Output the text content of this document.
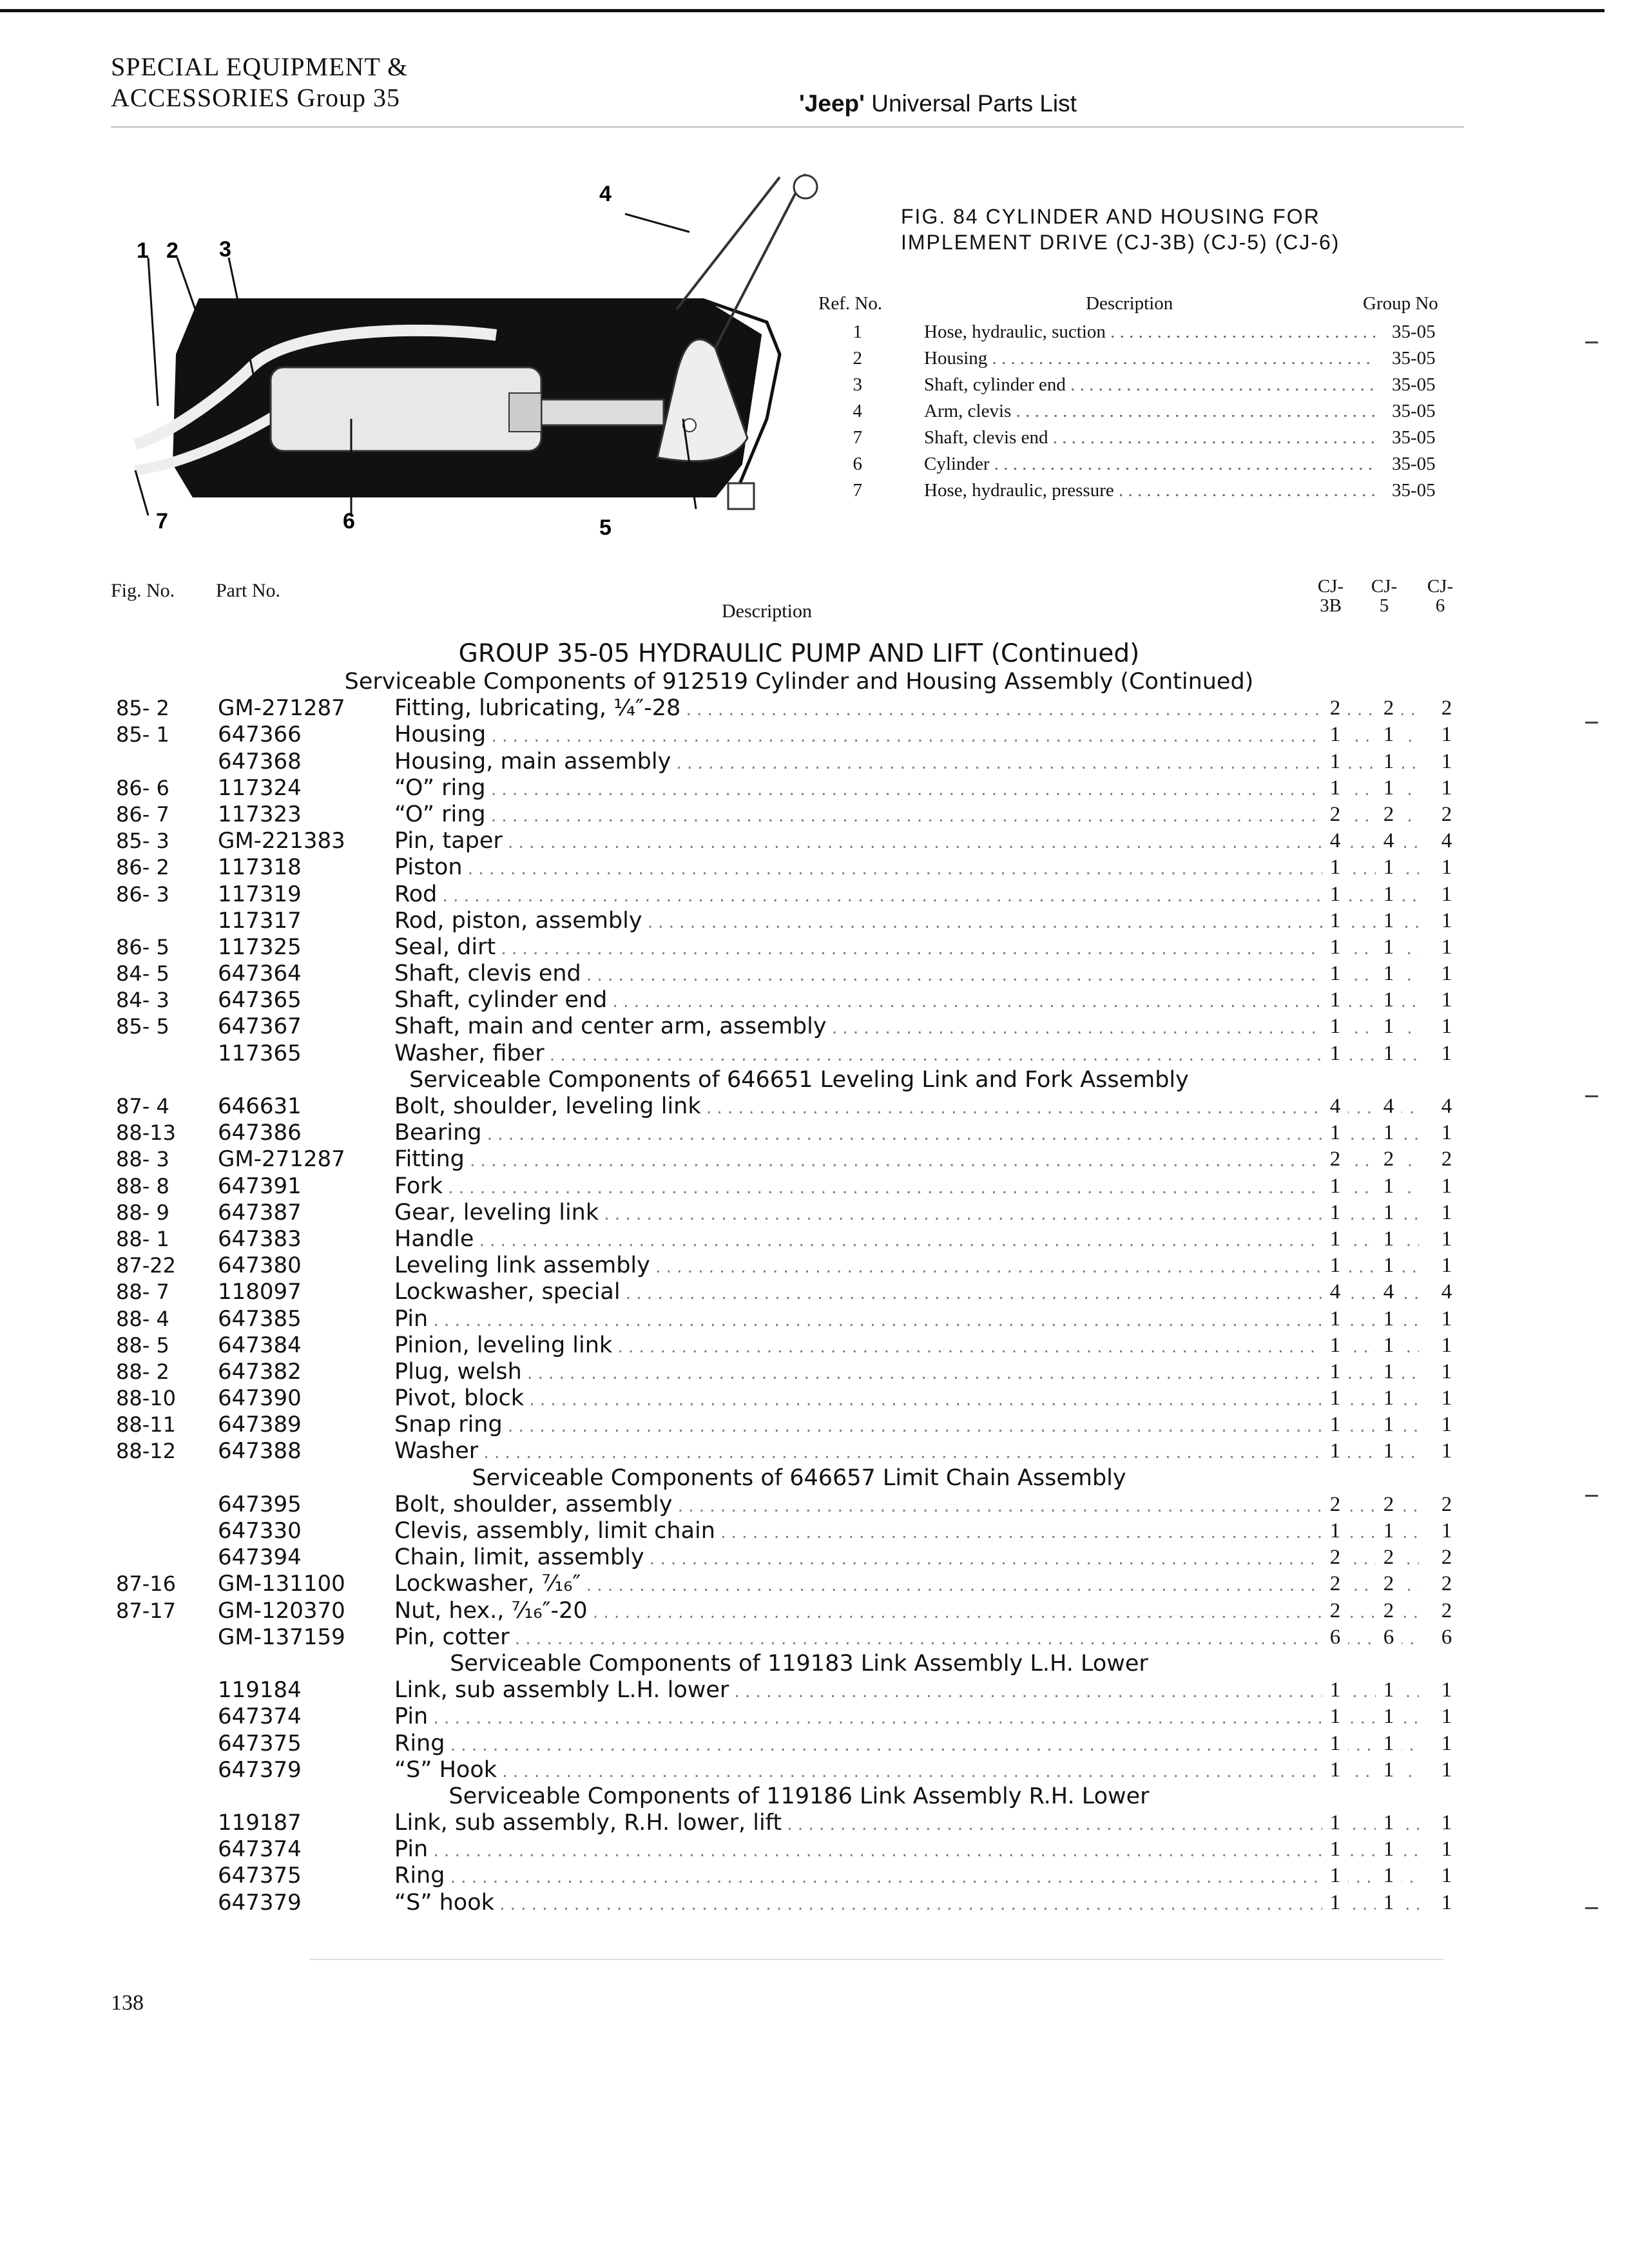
SPECIAL EQUIPMENT &
ACCESSORIES Group 35	'Jeep' Universal Parts List
1 2 3
4
5
6
7
FIG. 84 CYLINDER AND HOUSING FOR
IMPLEMENT DRIVE (CJ-3B) (CJ-5) (CJ-6)
Ref. No.	Description	Group No
1	Hose, hydraulic, suction . . .	35-05
2	Housing . . .	35-05
3	Shaft, cylinder end . . .	35-05
4	Arm, clevis . . .	35-05
7	Shaft, clevis end . . .	35-05
6	Cylinder . . .	35-05
7	Hose, hydraulic, pressure . . .	35-05
Fig. No. Part No.
Description
CJ-
3B
CJ-
5
CJ-
6
GROUP 35-05 HYDRAULIC PUMP AND LIFT (Continued)
Serviceable Components of 912519 Cylinder and Housing Assembly (Continued)
85- 2	GM-271287 Fitting, lubricating, ¼″-28 . . .	2	2	2
85- 1	647366	Housing . . .	1	1	1
647368	Housing, main assembly . . .	1	1	1
86- 6	117324	“O” ring . . .	1	1	1
86- 7	117323	“O” ring . . .	2	2	2
85- 3	GM-221383 Pin, taper . . .	4	4	4
86- 2	117318	Piston . . .	1	1	1
86- 3	117319	Rod . . .	1	1	1
117317	Rod, piston, assembly . . .	1	1	1
86- 5	117325	Seal, dirt . . .	1	1	1
84- 5	647364	Shaft, clevis end . . .	1	1	1
84- 3	647365	Shaft, cylinder end . . .	1	1	1
85- 5	647367	Shaft, main and center arm, assembly . . .	1	1	1
117365	Washer, fiber . . .	1	1	1
Serviceable Components of 646651 Leveling Link and Fork Assembly
87- 4	646631	Bolt, shoulder, leveling link . . .	4	4	4
88-13	647386	Bearing . . .	1	1	1
88- 3	GM-271287 Fitting . . .	2	2	2
88- 8	647391	Fork . . .	1	1	1
88- 9	647387	Gear, leveling link . . .	1	1	1
88- 1	647383	Handle . . .	1	1	1
87-22	647380	Leveling link assembly . . .	1	1	1
88- 7	118097	Lockwasher, special . . .	4	4	4
88- 4	647385	Pin . . .	1	1	1
88- 5	647384	Pinion, leveling link . . .	1	1	1
88- 2	647382	Plug, welsh . . .	1	1	1
88-10	647390	Pivot, block . . .	1	1	1
88-11	647389	Snap ring . . .	1	1	1
88-12	647388	Washer . . .	1	1	1
Serviceable Components of 646657 Limit Chain Assembly
647395	Bolt, shoulder, assembly . . .	2	2	2
647330	Clevis, assembly, limit chain . . .	1	1	1
647394	Chain, limit, assembly . . .	2	2	2
87-16	GM-131100 Lockwasher, ⁷⁄₁₆″ . . .	2	2	2
87-17	GM-120370 Nut, hex., ⁷⁄₁₆″-20 . . .	2	2	2
GM-137159 Pin, cotter . . .	6	6	6
Serviceable Components of 119183 Link Assembly L.H. Lower
119184	Link, sub assembly L.H. lower . . .	1	1	1
647374	Pin . . .	1	1	1
647375	Ring . . .	1	1	1
647379	“S” Hook . . .	1	1	1
Serviceable Components of 119186 Link Assembly R.H. Lower
119187	Link, sub assembly, R.H. lower, lift . . .	1	1	1
647374	Pin . . .	1	1	1
647375	Ring . . .	1	1	1
647379	“S” hook . . .	1	1	1
138
